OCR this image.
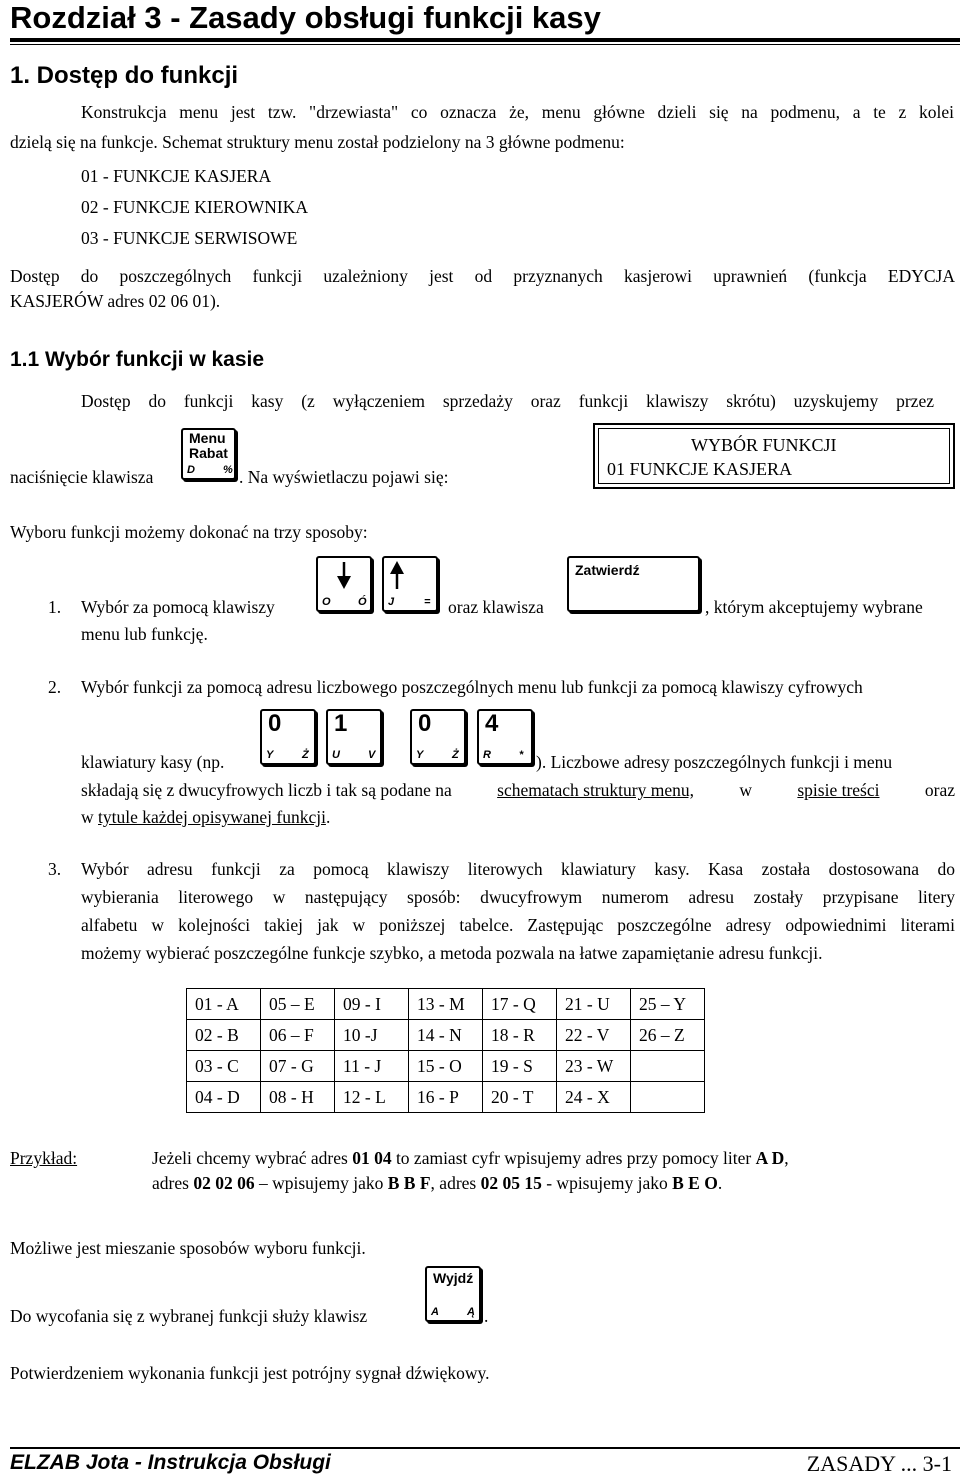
Rozdział 3 - Zasady obsługi funkcji kasy
1. Dostęp do funkcji
Konstrukcja menu jest tzw. "drzewiasta" co oznacza że, menu główne dzieli się na podmenu, a te z kolei
dzielą się na funkcje. Schemat struktury menu został podzielony na 3 główne podmenu:
01 - FUNKCJE KASJERA
02 - FUNKCJE KIEROWNIKA
03 - FUNKCJE SERWISOWE
Dostęp do poszczególnych funkcji uzależniony jest od przyznanych kasjerowi uprawnień (funkcja EDYCJA
KASJERÓW adres 02 06 01).
1.1 Wybór funkcji w kasie
Dostęp do funkcji kasy (z wyłączeniem sprzedaży oraz funkcji klawiszy skrótu) uzyskujemy przez
naciśnięcie klawisza
Menu
Rabat
D	% . Na wyświetlaczu pojawi się:
WYBÓR FUNKCJI
01 FUNKCJE KASJERA
Wyboru funkcji możemy dokonać na trzy sposoby:
1. Wybór za pomocą klawiszy	O Ó J	= oraz klawisza
Zatwierdź
, którym akceptujemy wybrane
menu lub funkcję.
2. Wybór funkcji za pomocą adresu liczbowego poszczególnych menu lub funkcji za pomocą klawiszy cyfrowych
klawiatury kasy (np.
0
Y	Ż
1
U	V
0
Y	Ż
4
R	* ). Liczbowe adresy poszczególnych funkcji i menu
składają się z dwucyfrowych liczb i tak są podane na	schematach struktury menu,	w	spisie treści	oraz
w tytule każdej opisywanej funkcji.
3. Wybór adresu funkcji za pomocą klawiszy literowych klawiatury kasy. Kasa została dostosowana do
wybierania literowego w następujący sposób: dwucyfrowym numerom adresu zostały przypisane litery
alfabetu w kolejności takiej jak w poniższej tabelce. Zastępując poszczególne adresy odpowiednimi literami
możemy wybierać poszczególne funkcje szybko, a metoda pozwala na łatwe zapamiętanie adresu funkcji.
01 - A	05 – E	09 - I	13 - M	17 - Q	21 - U	25 – Y
02 - B	06 – F	10 -J	14 - N	18 - R	22 - V	26 – Z
03 - C	07 - G	11 - J	15 - O	19 - S	23 - W	
04 - D	08 - H	12 - L	16 - P	20 - T	24 - X	
Przykład:	Jeżeli chcemy wybrać adres 01 04 to zamiast cyfr wpisujemy adres przy pomocy liter A D,
adres 02 02 06 – wpisujemy jako B B F, adres 02 05 15 - wpisujemy jako B E O.
Możliwe jest mieszanie sposobów wyboru funkcji.
Do wycofania się z wybranej funkcji służy klawisz
Wyjdź
A	Ą .
Potwierdzeniem wykonania funkcji jest potrójny sygnał dźwiękowy.
ELZAB Jota - Instrukcja Obsługi	ZASADY ... 3-1
